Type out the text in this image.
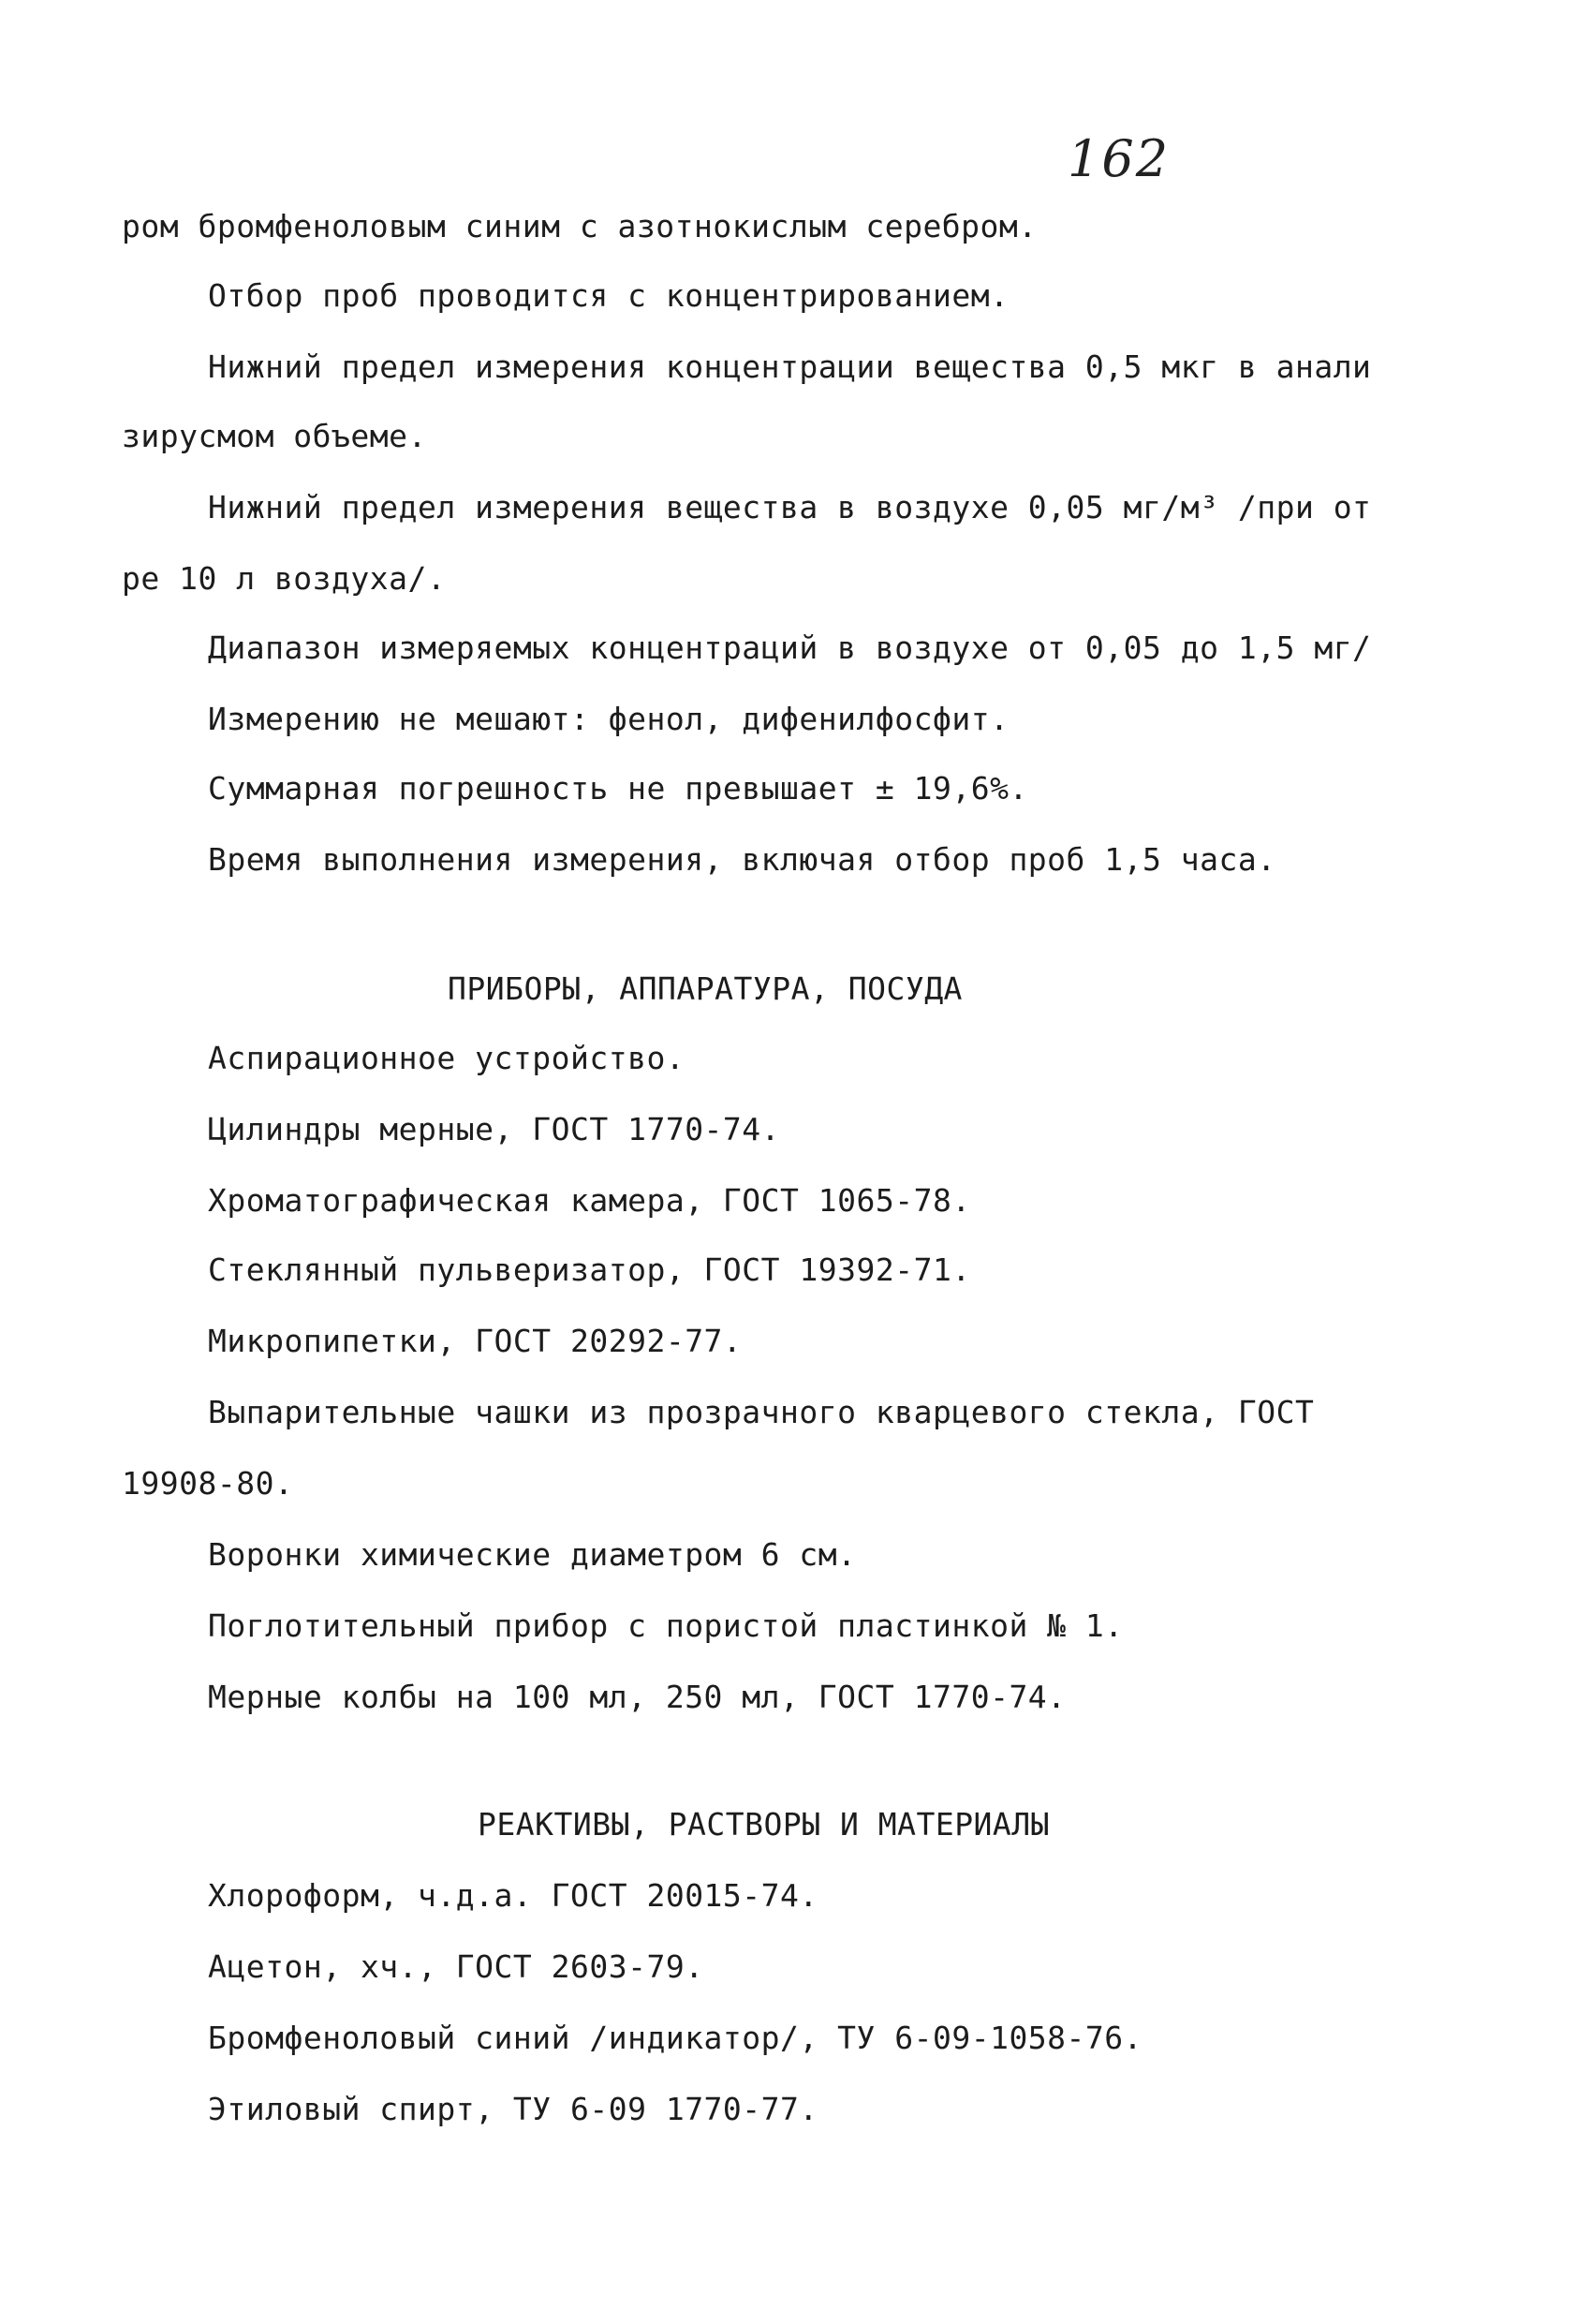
162
ром бромфеноловым синим с азотнокислым серебром.
Отбор проб проводится с концентрированием.
Нижний предел измерения концентрации вещества 0,5 мкг в анали
зирусмом объеме.
Нижний предел измерения вещества в воздухе 0,05 мг/м³ /при от
ре 10 л воздуха/.
Диапазон измеряемых концентраций в воздухе от 0,05 до 1,5 мг/
Измерению не мешают: фенол, дифенилфосфит.
Суммарная погрешность не превышает ± 19,6%.
Время выполнения измерения, включая отбор проб 1,5 часа.
ПРИБОРЫ, АППАРАТУРА, ПОСУДА
Аспирационное устройство.
Цилиндры мерные, ГОСТ 1770-74.
Хроматографическая камера, ГОСТ 1065-78.
Стеклянный пульверизатор, ГОСТ 19392-71.
Микропипетки, ГОСТ 20292-77.
Выпарительные чашки из прозрачного кварцевого стекла, ГОСТ
19908-80.
Воронки химические диаметром 6 см.
Поглотительный прибор с пористой пластинкой № 1.
Мерные колбы на 100 мл, 250 мл, ГОСТ 1770-74.
РЕАКТИВЫ, РАСТВОРЫ И МАТЕРИАЛЫ
Хлороформ, ч.д.а. ГОСТ 20015-74.
Ацетон, хч., ГОСТ 2603-79.
Бромфеноловый синий /индикатор/, ТУ 6-09-1058-76.
Этиловый спирт, ТУ 6-09 1770-77.
